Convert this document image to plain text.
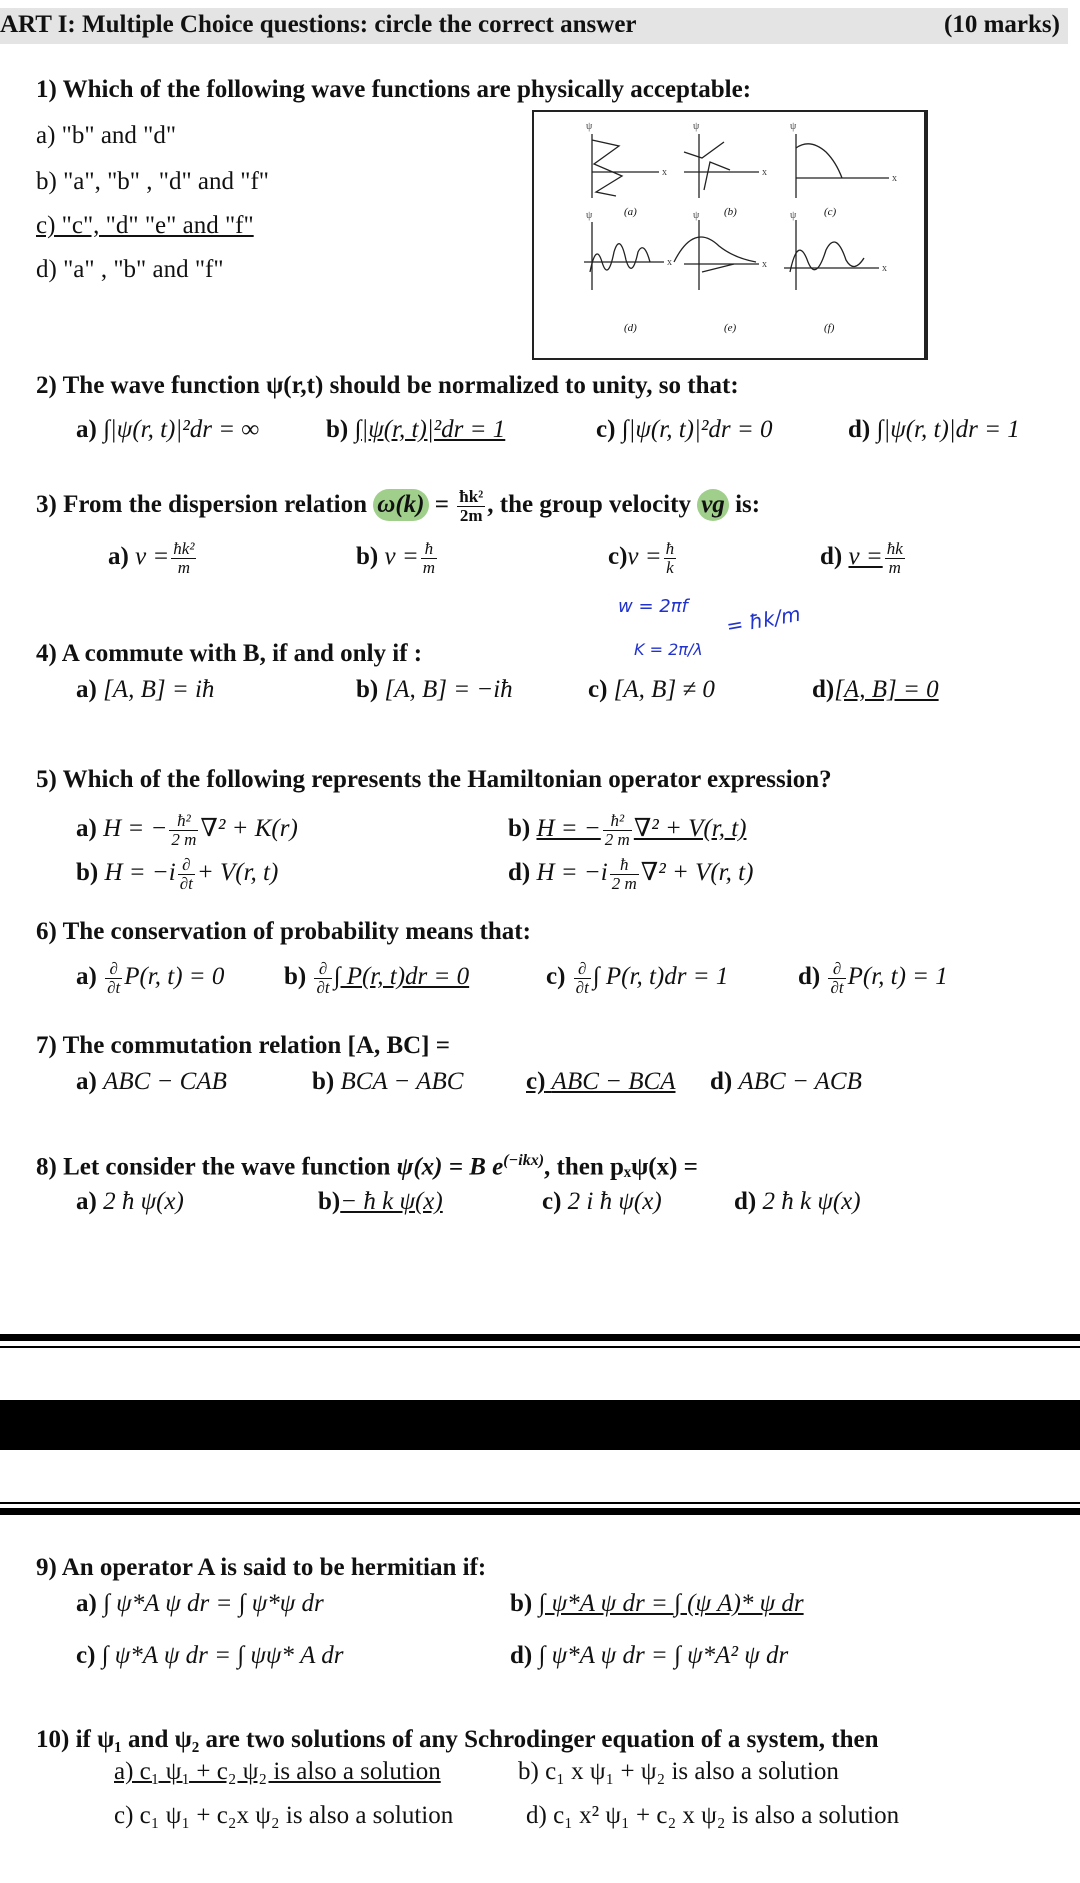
ART I: Multiple Choice questions: circle the correct answer	(10 marks)
1) Which of the following wave functions are physically acceptable:
a) "b" and "d"
b) "a", "b" , "d" and "f"
c) "c", "d" "e" and "f"
d) "a" , "b" and "f"
ψ	ψ	ψ
ψ	ψ	ψ
x	x
x
x	x	x
(a)	(b)	(c)
(d)	(e)	(f)
2) The wave function ψ(r,t) should be normalized to unity, so that:
a) ∫|ψ(r, t)|²dr = ∞	b) ∫|ψ(r, t)|²dr = 1	c) ∫|ψ(r, t)|²dr = 0	d) ∫|ψ(r, t)|dr = 1
3) From the dispersion relation $\omega(k) = \frac{\text{ħk²}}{2m}$ , the group velocity vg is:
a) $v = \frac{\text{ħk²}}{m}$	b) $v = \frac{ħ}{m}$	$c)v = \frac{ħ}{k}$	d) $v = \frac{ħk}{m}$
w = 2πf
K = 2π/λ
= ħk/m
4) A commute with B, if and only if :
a) [A, B] = iħ	b) [A, B] = −iħ	c) [A, B] ≠ 0	d)[A, B] = 0
5) Which of the following represents the Hamiltonian operator expression?
a) H = − $\frac{\text{ħ²}}{2 m} \nabla^2 + K(r)$	b) H = − $\frac{\text{ħ²}}{2 m} \nabla^2 + V(r$, t)
b) $H = -i \frac{\partial}{\partial t} + V(r$, t)	d) $H = -i \frac{ħ}{2 m} \nabla^2 + V(r$, t)
6) The conservation of probability means that:
$a) \frac{\partial}{\partial t} P(r$, t) = 0 $b) \frac{\partial}{\partial t}$ ∫ P(r, t)dr = 0	$c) \frac{\partial}{\partial t}$ ∫ P(r, t)dr = 1	$d) \frac{\partial}{\partial t} P(r$, t) = 1
7) The commutation relation [A, BC] =
a) ABC − CAB	b) BCA − ABC	c) ABC − BCA d) ABC − ACB
8) Let consider the wave function ψ(x) = B $e^{(-ikx)}$, then pₓψ(x) =
a) 2 ħ ψ(x)	b)− ħ k ψ(x)	c) 2 i ħ ψ(x)	d) 2 ħ k ψ(x)
9) An operator A is said to be hermitian if:
a) ∫ ψ*A ψ dr = ∫ ψ*ψ dr	b) ∫ ψ*A ψ dr = ∫ (ψ A)* ψ dr
c) ∫ ψ*A ψ dr = ∫ ψψ* A dr	d) ∫ ψ*A ψ dr = ∫ ψ*A² ψ dr
10) if ψ₁ and ψ₂ are two solutions of any Schrodinger equation of a system, then
a) c₁ ψ₁ + c₂ ψ₂ is also a solution	b) c₁ x ψ₁ + ψ₂ is also a solution
c) c₁ ψ₁ + c₂x ψ₂ is also a solution	d) c₁ x² ψ₁ + c₂ x ψ₂ is also a solution
